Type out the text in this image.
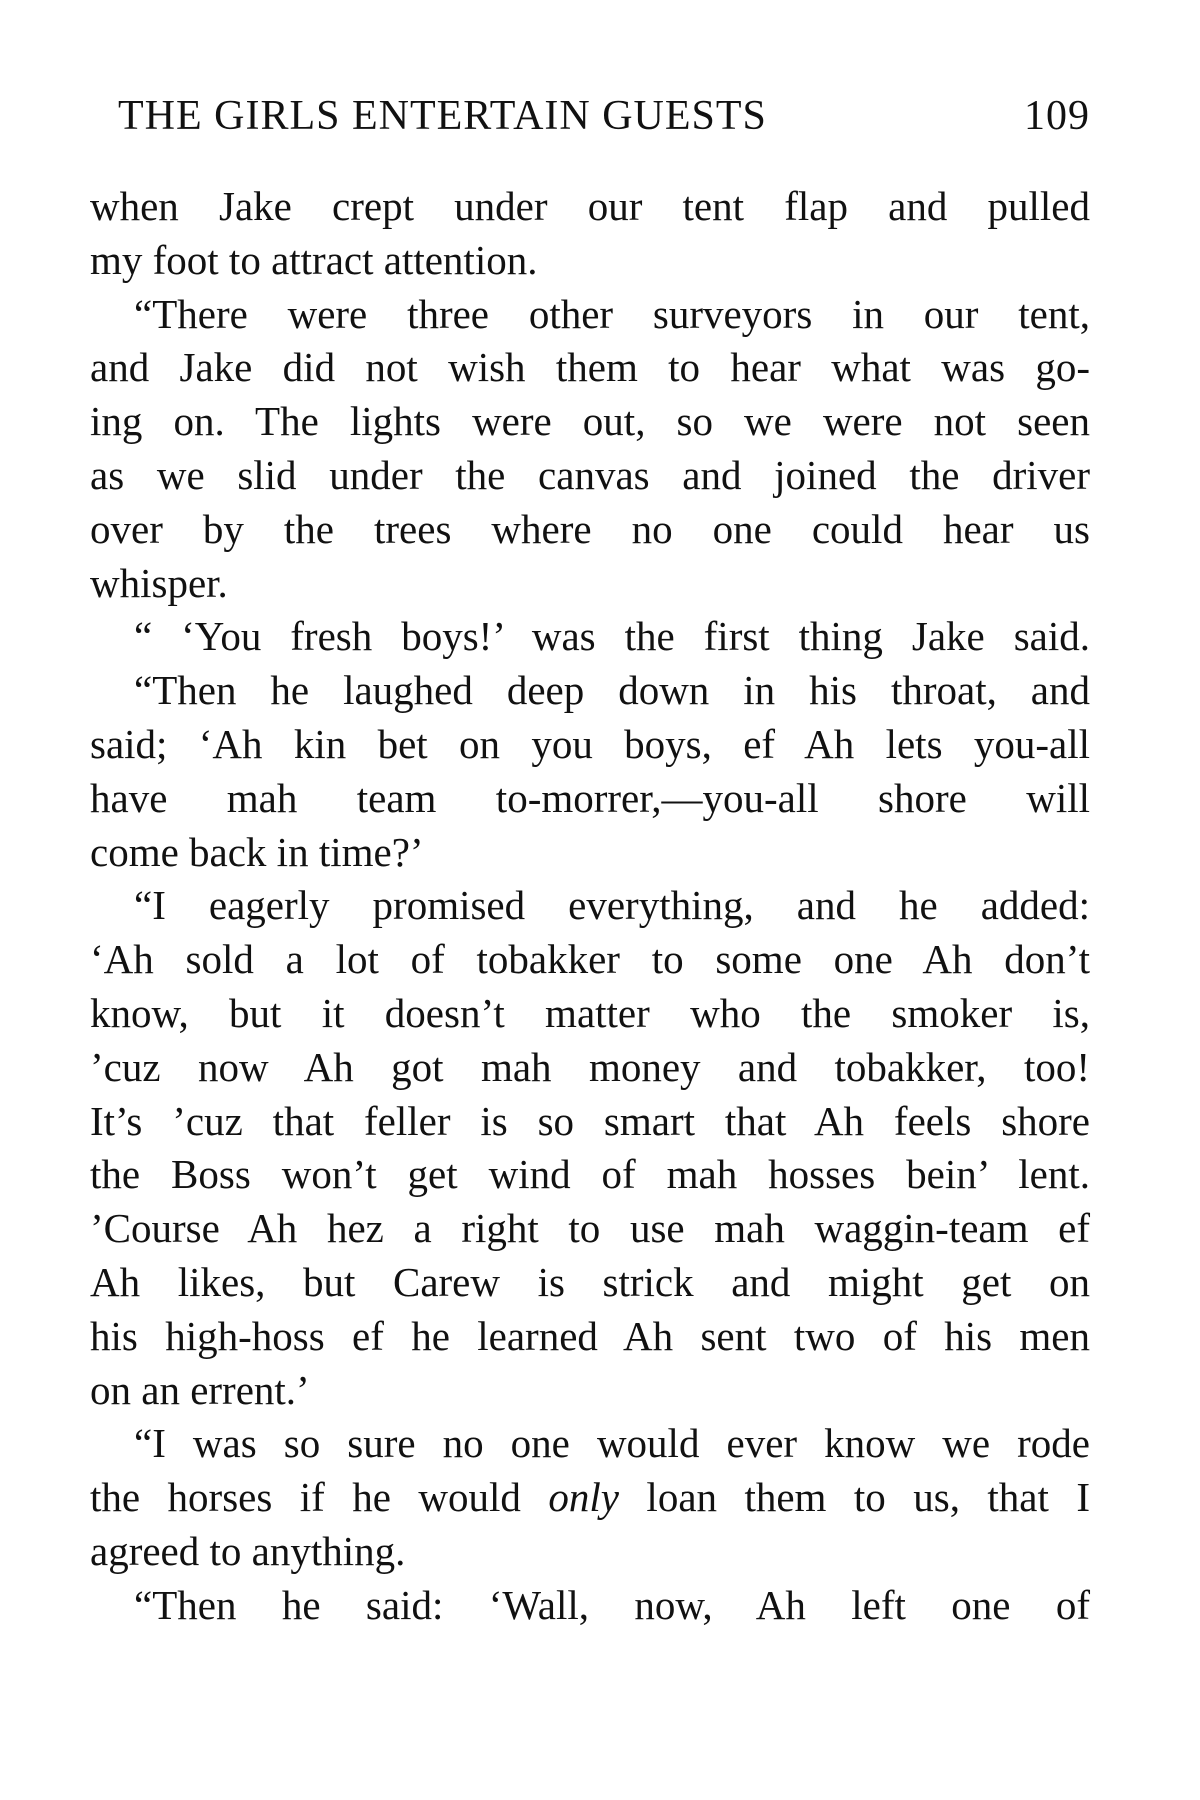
THE GIRLS ENTERTAIN GUESTS	109
when Jake crept under our tent flap and pulled
my foot to attract attention.
“There were three other surveyors in our tent,
and Jake did not wish them to hear what was go-
ing on. The lights were out, so we were not seen
as we slid under the canvas and joined the driver
over by the trees where no one could hear us
whisper.
“ ‘You fresh boys!’ was the first thing Jake said.
“Then he laughed deep down in his throat, and
said; ‘Ah kin bet on you boys, ef Ah lets you-all
have mah team to-morrer,—you-all shore will
come back in time?’
“I eagerly promised everything, and he added:
‘Ah sold a lot of tobakker to some one Ah don’t
know, but it doesn’t matter who the smoker is,
’cuz now Ah got mah money and tobakker, too!
It’s ’cuz that feller is so smart that Ah feels shore
the Boss won’t get wind of mah hosses bein’ lent.
’Course Ah hez a right to use mah waggin-team ef
Ah likes, but Carew is strick and might get on
his high-hoss ef he learned Ah sent two of his men
on an errent.’
“I was so sure no one would ever know we rode
the horses if he would only loan them to us, that I
agreed to anything.
“Then he said: ‘Wall, now, Ah left one of
